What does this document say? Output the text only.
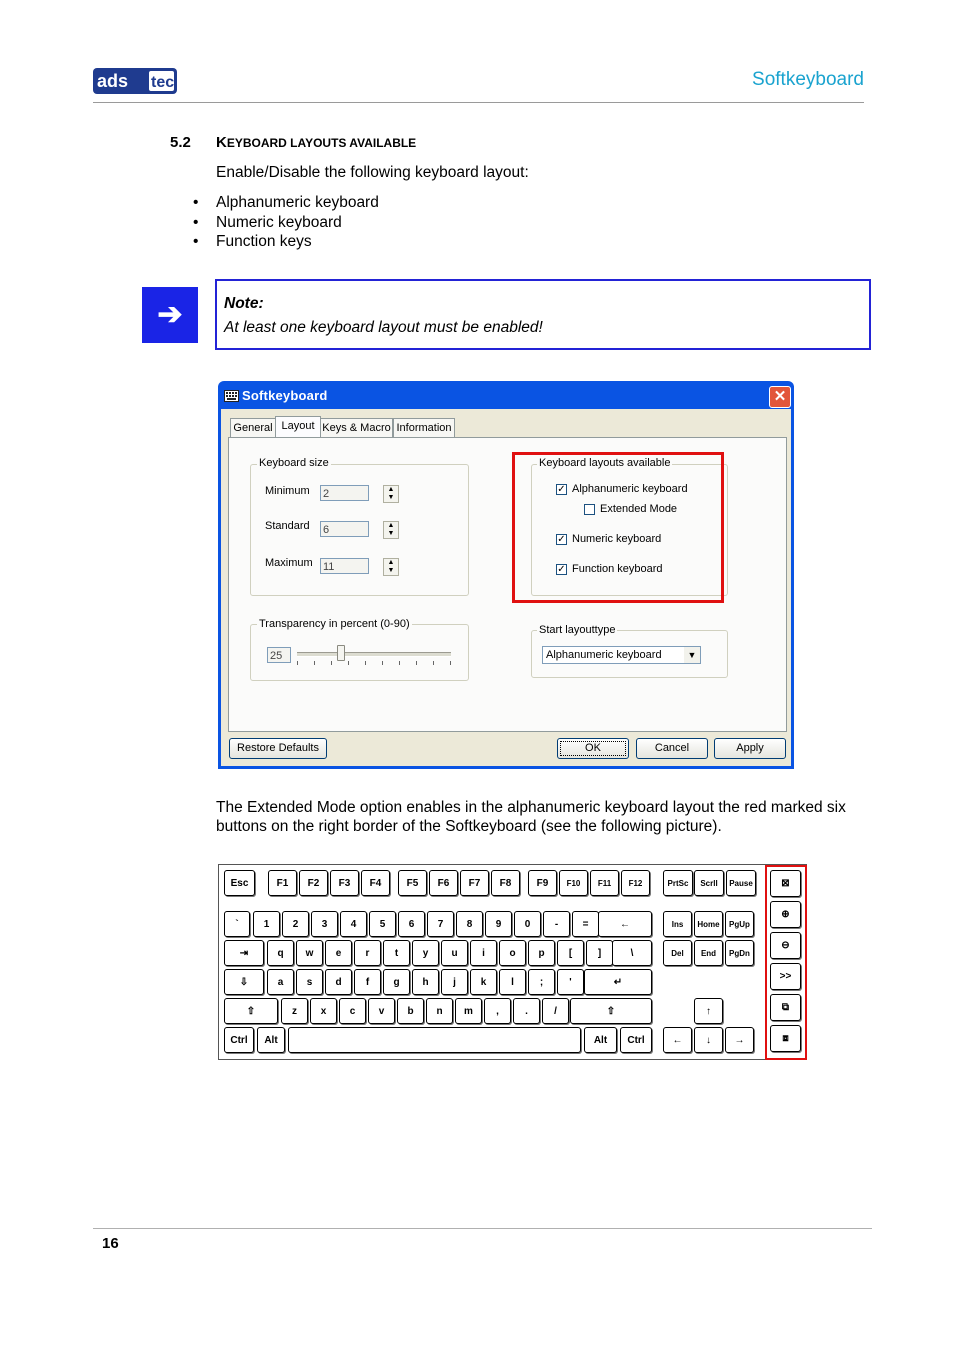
ads tec	Softkeyboard
5.2 KEYBOARD LAYOUTS AVAILABLE
Enable/Disable the following keyboard layout:
• Alphanumeric keyboard
• Numeric keyboard
• Function keys
➔	Note:
At least one keyboard layout must be enabled!
Softkeyboard	✕
General Layout Keys & Macro Information
Keyboard size
Minimum 2	▲
▼
Standard 6	▲
▼
Maximum 11	▲
▼
Keyboard layouts available
✓ Alphanumeric keyboard
Extended Mode
✓ Numeric keyboard
✓ Function keyboard
Transparency in percent (0-90)
25
Start layouttype
Alphanumeric keyboard	▼
Restore Defaults	OK	Cancel	Apply
The Extended Mode option enables in the alphanumeric keyboard layout the red marked six buttons on the right border of the Softkeyboard (see the following picture).
Esc	F1	F2	F3	F4	F5	F6	F7	F8	F9	F10	F11	F12	PrtSc	Scrll	Pause
`	1	2	3	4	5	6	7	8	9	0	-	=	←
⇥	q	w	e	r	t	y	u	i	o	p	[	]	\
⇩	a	s	d	f	g	h	j	k	l	;	'	↵
⇧	z	x	c	v	b	n	m	,	.	/	⇧
Ctrl	Alt	Alt	Ctrl
Ins	Home	PgUp
Del	End	PgDn
↑
←	↓	→
⊠
⊕
⊖
>>
⧉
⧈
16
